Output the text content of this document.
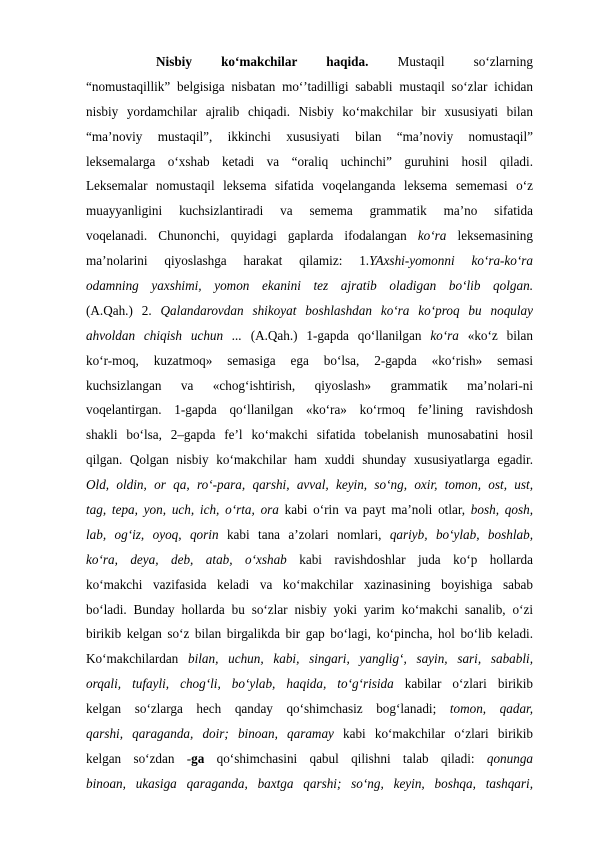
Nisbiy ko‘makchilar haqida. Mustaqil so‘zlarning
“nomustaqillik” belgisiga nisbatan mo‘’tadilligi sababli mustaqil so‘zlar ichidan
nisbiy yordamchilar ajralib chiqadi. Nisbiy ko‘makchilar bir xususiyati bilan
“ma’noviy mustaqil”, ikkinchi xususiyati bilan “ma’noviy nomustaqil”
leksemalarga o‘xshab ketadi va “oraliq uchinchi” guruhini hosil qiladi.
Leksemalar nomustaqil leksema sifatida voqelanganda leksema sememasi o‘z
muayyanligini kuchsizlantiradi va semema grammatik ma’no sifatida
voqelanadi. Chunonchi, quyidagi gaplarda ifodalangan ko‘ra leksemasining
ma’nolarini qiyoslashga harakat qilamiz: 1.YAxshi-yomonni ko‘ra-ko‘ra
odamning yaxshimi, yomon ekanini tez ajratib oladigan bo‘lib qolgan.
(A.Qah.) 2. Qalandarovdan shikoyat boshlashdan ko‘ra ko‘proq bu noqulay
ahvoldan chiqish uchun ... (A.Qah.) 1-gapda qo‘llanilgan ko‘ra «ko‘z bilan
ko‘r-moq, kuzatmoq» semasiga ega bo‘lsa, 2-gapda «ko‘rish» semasi
kuchsizlangan va «chog‘ishtirish, qiyoslash» grammatik ma’nolari-ni
voqelantirgan. 1-gapda qo‘llanilgan «ko‘ra» ko‘rmoq fe’lining ravishdosh
shakli bo‘lsa, 2–gapda fe’l ko‘makchi sifatida tobelanish munosabatini hosil
qilgan. Qolgan nisbiy ko‘makchilar ham xuddi shunday xususiyatlarga egadir.
Old, oldin, or qa, ro‘-para, qarshi, avval, keyin, so‘ng, oxir, tomon, ost, ust,
tag, tepa, yon, uch, ich, o‘rta, ora kabi o‘rin va payt ma’noli otlar, bosh, qosh,
lab, og‘iz, oyoq, qorin kabi tana a’zolari nomlari, qariyb, bo‘ylab, boshlab,
ko‘ra, deya, deb, atab, o‘xshab kabi ravishdoshlar juda ko‘p hollarda
ko‘makchi vazifasida keladi va ko‘makchilar xazinasining boyishiga sabab
bo‘ladi. Bunday hollarda bu so‘zlar nisbiy yoki yarim ko‘makchi sanalib, o‘zi
birikib kelgan so‘z bilan birgalikda bir gap bo‘lagi, ko‘pincha, hol bo‘lib keladi.
Ko‘makchilardan bilan, uchun, kabi, singari, yanglig‘, sayin, sari, sababli,
orqali, tufayli, chog‘li, bo‘ylab, haqida, to‘g‘risida kabilar o‘zlari birikib
kelgan so‘zlarga hech qanday qo‘shimchasiz bog‘lanadi; tomon, qadar,
qarshi, qaraganda, doir; binoan, qaramay kabi ko‘makchilar o‘zlari birikib
kelgan so‘zdan -ga qo‘shimchasini qabul qilishni talab qiladi: qonunga
binoan, ukasiga qaraganda, baxtga qarshi; so‘ng, keyin, boshqa, tashqari,
